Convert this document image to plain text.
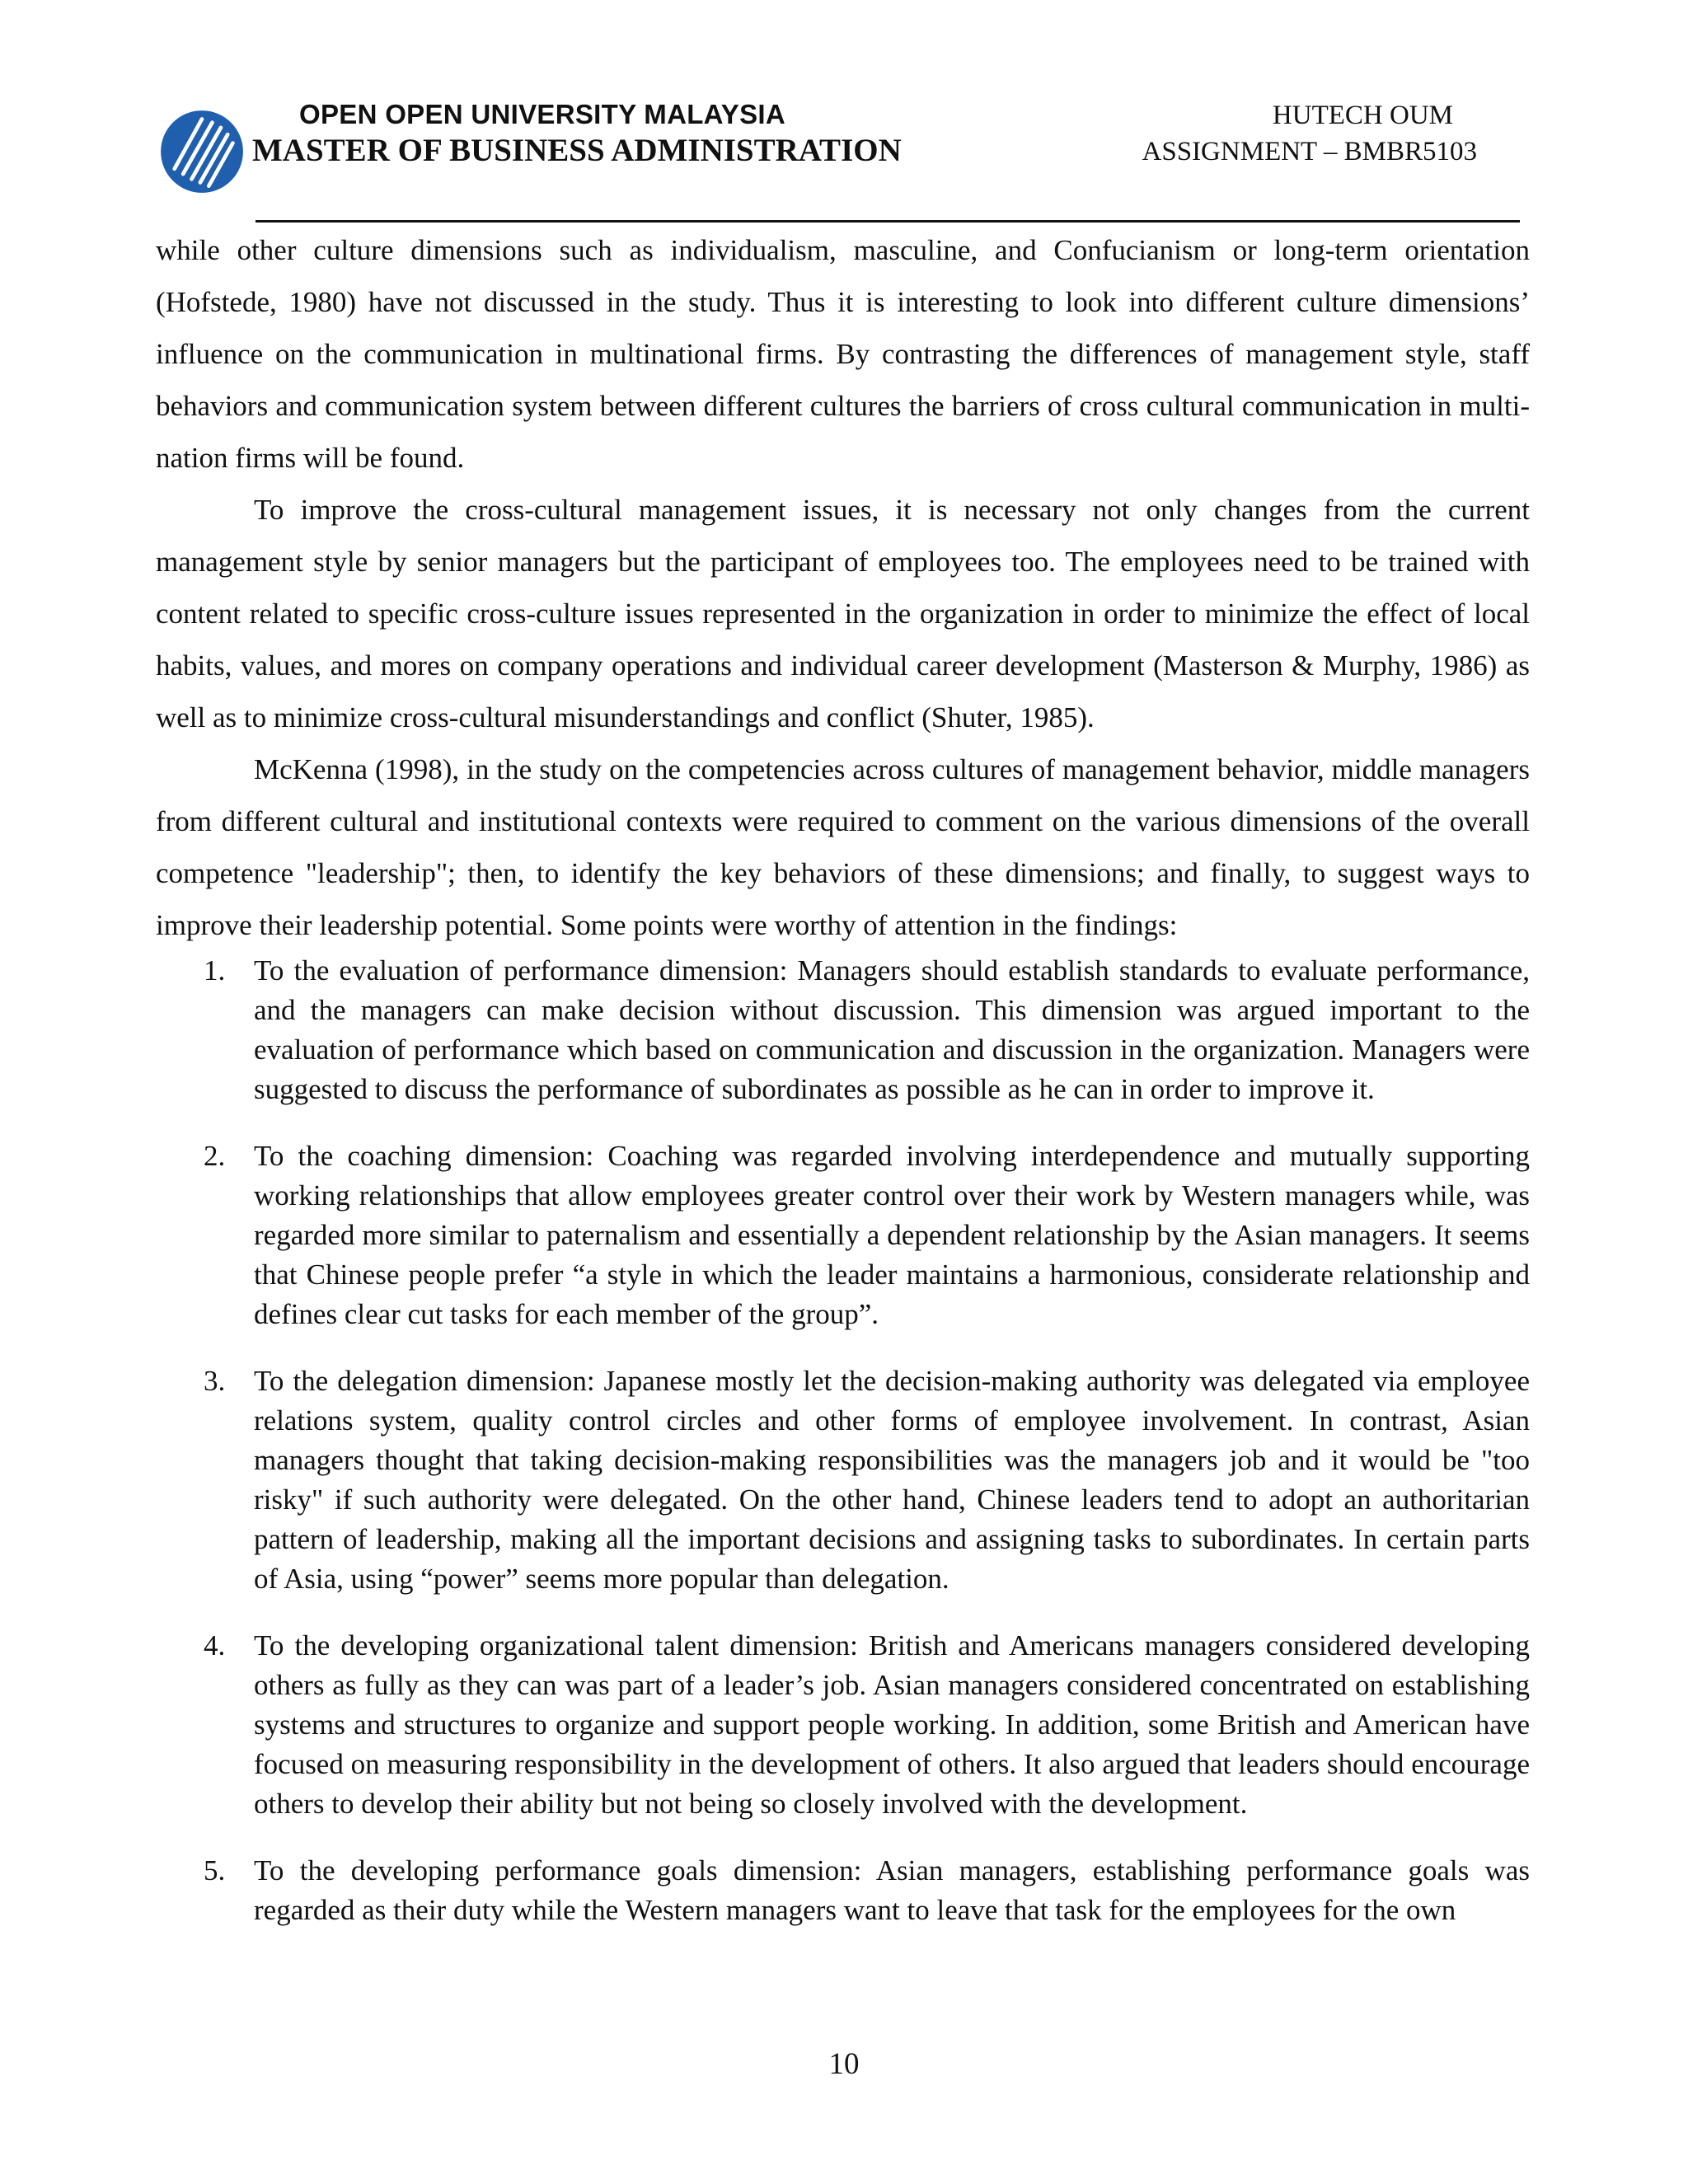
OPEN OPEN UNIVERSITY MALAYSIA
MASTER OF BUSINESS ADMINISTRATION
HUTECH OUM
ASSIGNMENT – BMBR5103

while other culture dimensions such as individualism, masculine, and Confucianism or long-term orientation (Hofstede, 1980) have not discussed in the study. Thus it is interesting to look into different culture dimensions’ influence on the communication in multinational firms. By contrasting the differences of management style, staff behaviors and communication system between different cultures the barriers of cross cultural communication in multi-nation firms will be found.

To improve the cross-cultural management issues, it is necessary not only changes from the current management style by senior managers but the participant of employees too. The employees need to be trained with content related to specific cross-culture issues represented in the organization in order to minimize the effect of local habits, values, and mores on company operations and individual career development (Masterson & Murphy, 1986) as well as to minimize cross-cultural misunderstandings and conflict (Shuter, 1985).

McKenna (1998), in the study on the competencies across cultures of management behavior, middle managers from different cultural and institutional contexts were required to comment on the various dimensions of the overall competence "leadership"; then, to identify the key behaviors of these dimensions; and finally, to suggest ways to improve their leadership potential. Some points were worthy of attention in the findings:

1. To the evaluation of performance dimension: Managers should establish standards to evaluate performance, and the managers can make decision without discussion. This dimension was argued important to the evaluation of performance which based on communication and discussion in the organization. Managers were suggested to discuss the performance of subordinates as possible as he can in order to improve it.
2. To the coaching dimension: Coaching was regarded involving interdependence and mutually supporting working relationships that allow employees greater control over their work by Western managers while, was regarded more similar to paternalism and essentially a dependent relationship by the Asian managers. It seems that Chinese people prefer “a style in which the leader maintains a harmonious, considerate relationship and defines clear cut tasks for each member of the group”.
3. To the delegation dimension: Japanese mostly let the decision-making authority was delegated via employee relations system, quality control circles and other forms of employee involvement. In contrast, Asian managers thought that taking decision-making responsibilities was the managers job and it would be "too risky" if such authority were delegated. On the other hand, Chinese leaders tend to adopt an authoritarian pattern of leadership, making all the important decisions and assigning tasks to subordinates. In certain parts of Asia, using “power” seems more popular than delegation.
4. To the developing organizational talent dimension: British and Americans managers considered developing others as fully as they can was part of a leader’s job. Asian managers considered concentrated on establishing systems and structures to organize and support people working. In addition, some British and American have focused on measuring responsibility in the development of others. It also argued that leaders should encourage others to develop their ability but not being so closely involved with the development.
5. To the developing performance goals dimension: Asian managers, establishing performance goals was regarded as their duty while the Western managers want to leave that task for the employees for the own
10
